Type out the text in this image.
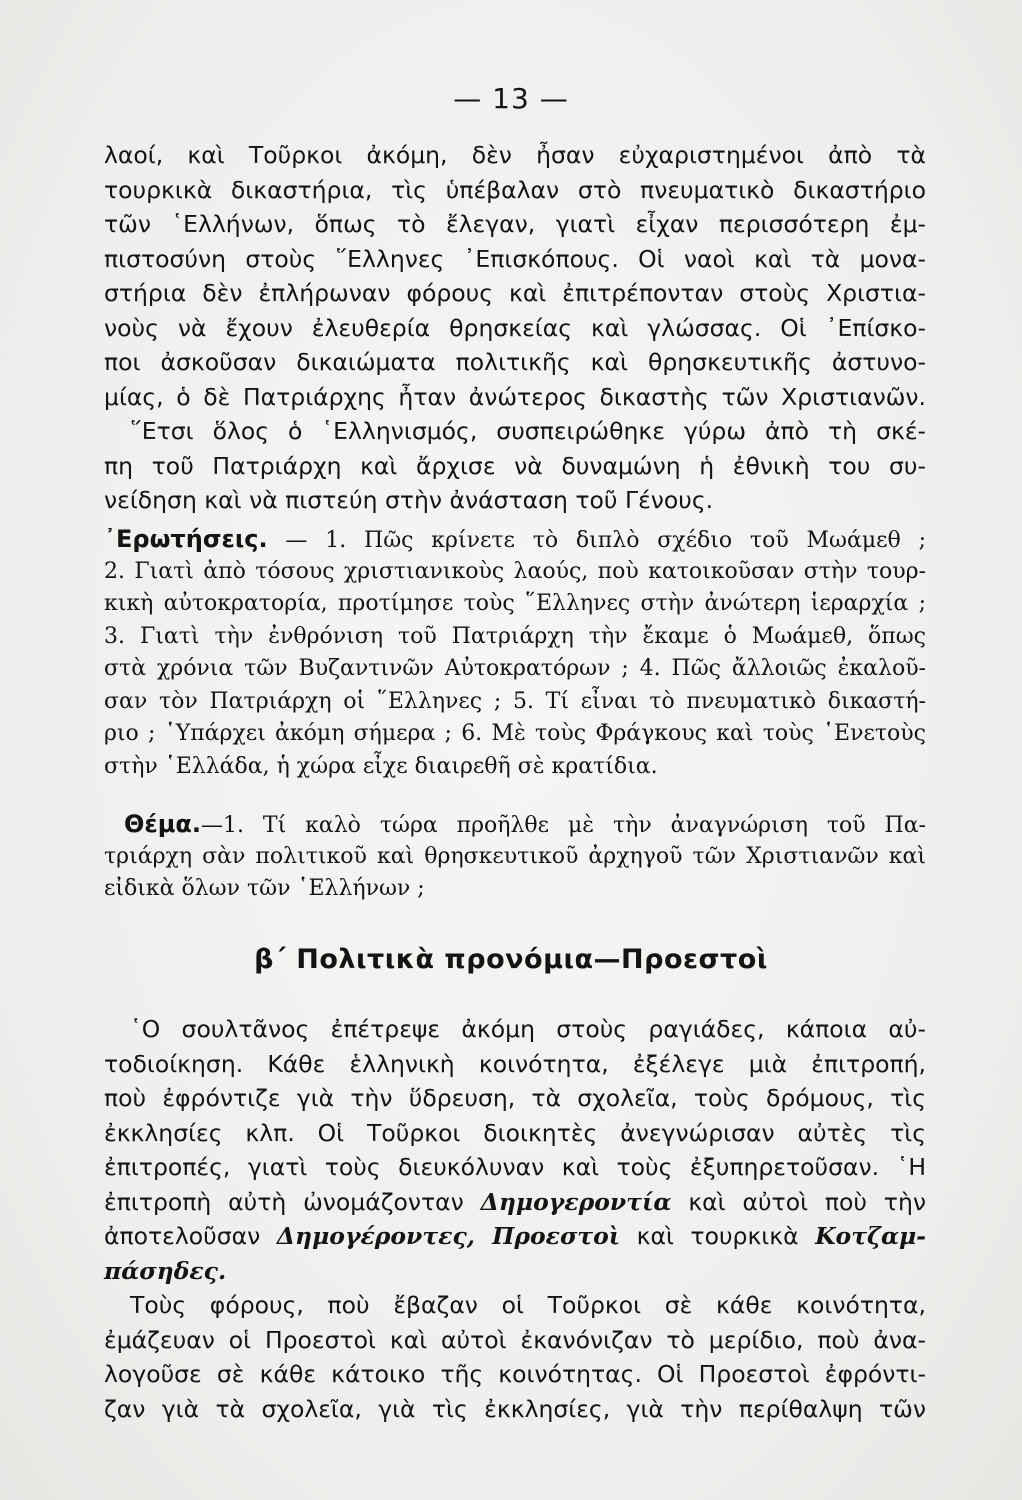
— 13 —
λαοί, καὶ Τοῦρκοι ἀκόμη, δὲν ἦσαν εὐχαριστημένοι ἀπὸ τὰ
τουρκικὰ δικαστήρια, τὶς ὑπέβαλαν στὸ πνευματικὸ δικαστήριο
τῶν ῾Ελλήνων, ὅπως τὸ ἔλεγαν, γιατὶ εἶχαν περισσότερη ἐμ-
πιστοσύνη στοὺς ῞Ελληνες ᾿Επισκόπους. Οἱ ναοὶ καὶ τὰ μονα-
στήρια δὲν ἐπλήρωναν φόρους καὶ ἐπιτρέπονταν στοὺς Χριστια-
νοὺς νὰ ἔχουν ἐλευθερία θρησκείας καὶ γλώσσας. Οἱ ᾿Επίσκο-
ποι ἀσκοῦσαν δικαιώματα πολιτικῆς καὶ θρησκευτικῆς ἀστυνο-
μίας, ὁ δὲ Πατριάρχης ἦταν ἀνώτερος δικαστὴς τῶν Χριστιανῶν.
῞Ετσι ὅλος ὁ ῾Ελληνισμός, συσπειρώθηκε γύρω ἀπὸ τὴ σκέ-
πη τοῦ Πατριάρχη καὶ ἄρχισε νὰ δυναμώνη ἡ ἐθνικὴ του συ-
νείδηση καὶ νὰ πιστεύη στὴν ἀνάσταση τοῦ Γένους.
᾿Ερωτήσεις. — 1. Πῶς κρίνετε τὸ διπλὸ σχέδιο τοῦ Μωάμεθ ;
2. Γιατὶ ἀπὸ τόσους χριστιανικοὺς λαούς, ποὺ κατοικοῦσαν στὴν τουρ-
κικὴ αὐτοκρατορία, προτίμησε τοὺς ῞Ελληνες στὴν ἀνώτερη ἱεραρχία ;
3. Γιατὶ τὴν ἐνθρόνιση τοῦ Πατριάρχη τὴν ἔκαμε ὁ Μωάμεθ, ὅπως
στὰ χρόνια τῶν Βυζαντινῶν Αὐτοκρατόρων ; 4. Πῶς ἄλλοιῶς ἐκαλοῦ-
σαν τὸν Πατριάρχη οἱ ῞Ελληνες ; 5. Τί εἶναι τὸ πνευματικὸ δικαστή-
ριο ; ῾Υπάρχει ἀκόμη σήμερα ; 6. Μὲ τοὺς Φράγκους καὶ τοὺς ῾Ενετοὺς
στὴν ῾Ελλάδα, ἡ χώρα εἶχε διαιρεθῆ σὲ κρατίδια.
Θέμα.—1. Τί καλὸ τώρα προῆλθε μὲ τὴν ἀναγνώριση τοῦ Πα-
τριάρχη σὰν πολιτικοῦ καὶ θρησκευτικοῦ ἀρχηγοῦ τῶν Χριστιανῶν καὶ
εἰδικὰ ὅλων τῶν ῾Ελλήνων ;
β΄ Πολιτικὰ προνόμια—Προεστοὶ
῾Ο σουλτᾶνος ἐπέτρεψε ἀκόμη στοὺς ραγιάδες, κάποια αὐ-
τοδιοίκηση. Κάθε ἑλληνικὴ κοινότητα, ἐξέλεγε μιὰ ἐπιτροπή,
ποὺ ἐφρόντιζε γιὰ τὴν ὕδρευση, τὰ σχολεῖα, τοὺς δρόμους, τὶς
ἐκκλησίες κλπ. Οἱ Τοῦρκοι διοικητὲς ἀνεγνώρισαν αὐτὲς τὶς
ἐπιτροπές, γιατὶ τοὺς διευκόλυναν καὶ τοὺς ἐξυπηρετοῦσαν. ῾Η
ἐπιτροπὴ αὐτὴ ὠνομάζονταν Δημογεροντία καὶ αὐτοὶ ποὺ τὴν
ἀποτελοῦσαν Δημογέροντες, Προεστοὶ καὶ τουρκικὰ Κοτζαμ-
πάσηδες.
Τοὺς φόρους, ποὺ ἔβαζαν οἱ Τοῦρκοι σὲ κάθε κοινότητα,
ἐμάζευαν οἱ Προεστοὶ καὶ αὐτοὶ ἐκανόνιζαν τὸ μερίδιο, ποὺ ἀνα-
λογοῦσε σὲ κάθε κάτοικο τῆς κοινότητας. Οἱ Προεστοὶ ἐφρόντι-
ζαν γιὰ τὰ σχολεῖα, γιὰ τὶς ἐκκλησίες, γιὰ τὴν περίθαλψη τῶν
